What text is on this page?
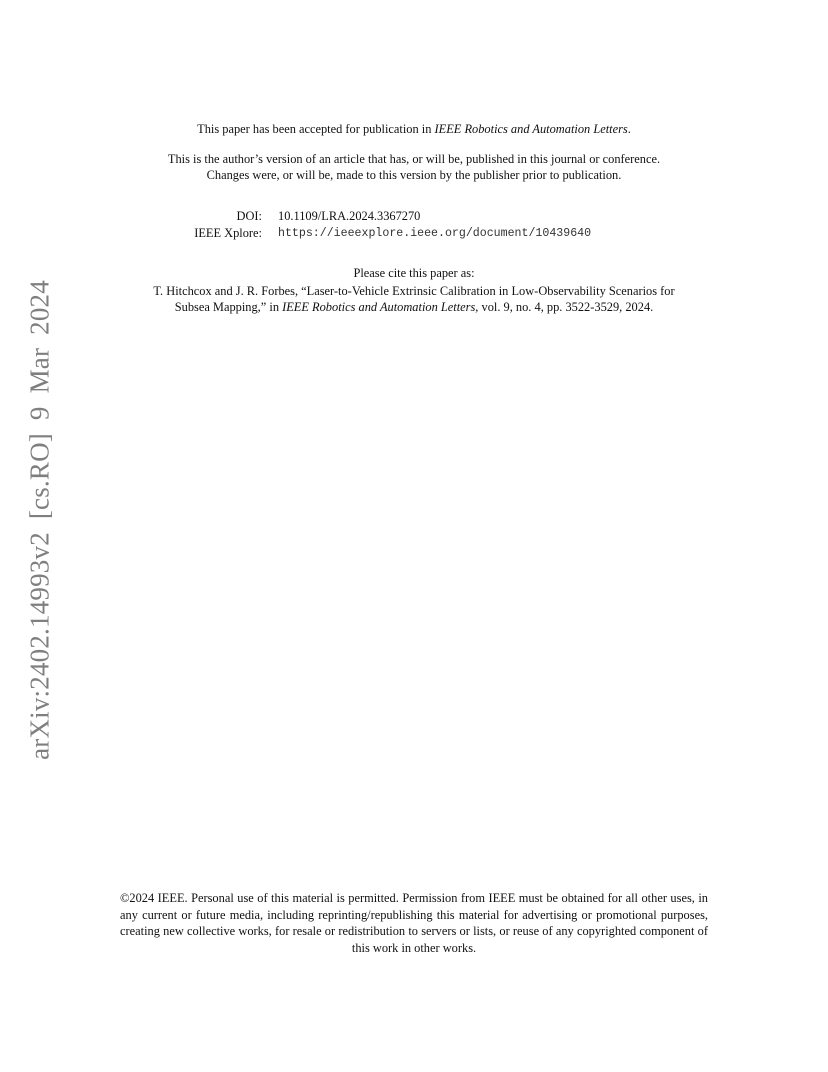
arXiv:2402.14993v2 [cs.RO] 9 Mar 2024
This paper has been accepted for publication in IEEE Robotics and Automation Letters.
This is the author’s version of an article that has, or will be, published in this journal or conference.
Changes were, or will be, made to this version by the publisher prior to publication.
DOI:	10.1109/LRA.2024.3367270
IEEE Xplore:	https://ieeexplore.ieee.org/document/10439640
Please cite this paper as:
T. Hitchcox and J. R. Forbes, “Laser-to-Vehicle Extrinsic Calibration in Low-Observability Scenarios for
Subsea Mapping,” in IEEE Robotics and Automation Letters, vol. 9, no. 4, pp. 3522-3529, 2024.
©2024 IEEE. Personal use of this material is permitted. Permission from IEEE must be obtained for all other uses, in any current or future media, including reprinting/republishing this material for advertising or promotional purposes, creating new collective works, for resale or redistribution to servers or lists, or reuse of any copyrighted component of this work in other works.
